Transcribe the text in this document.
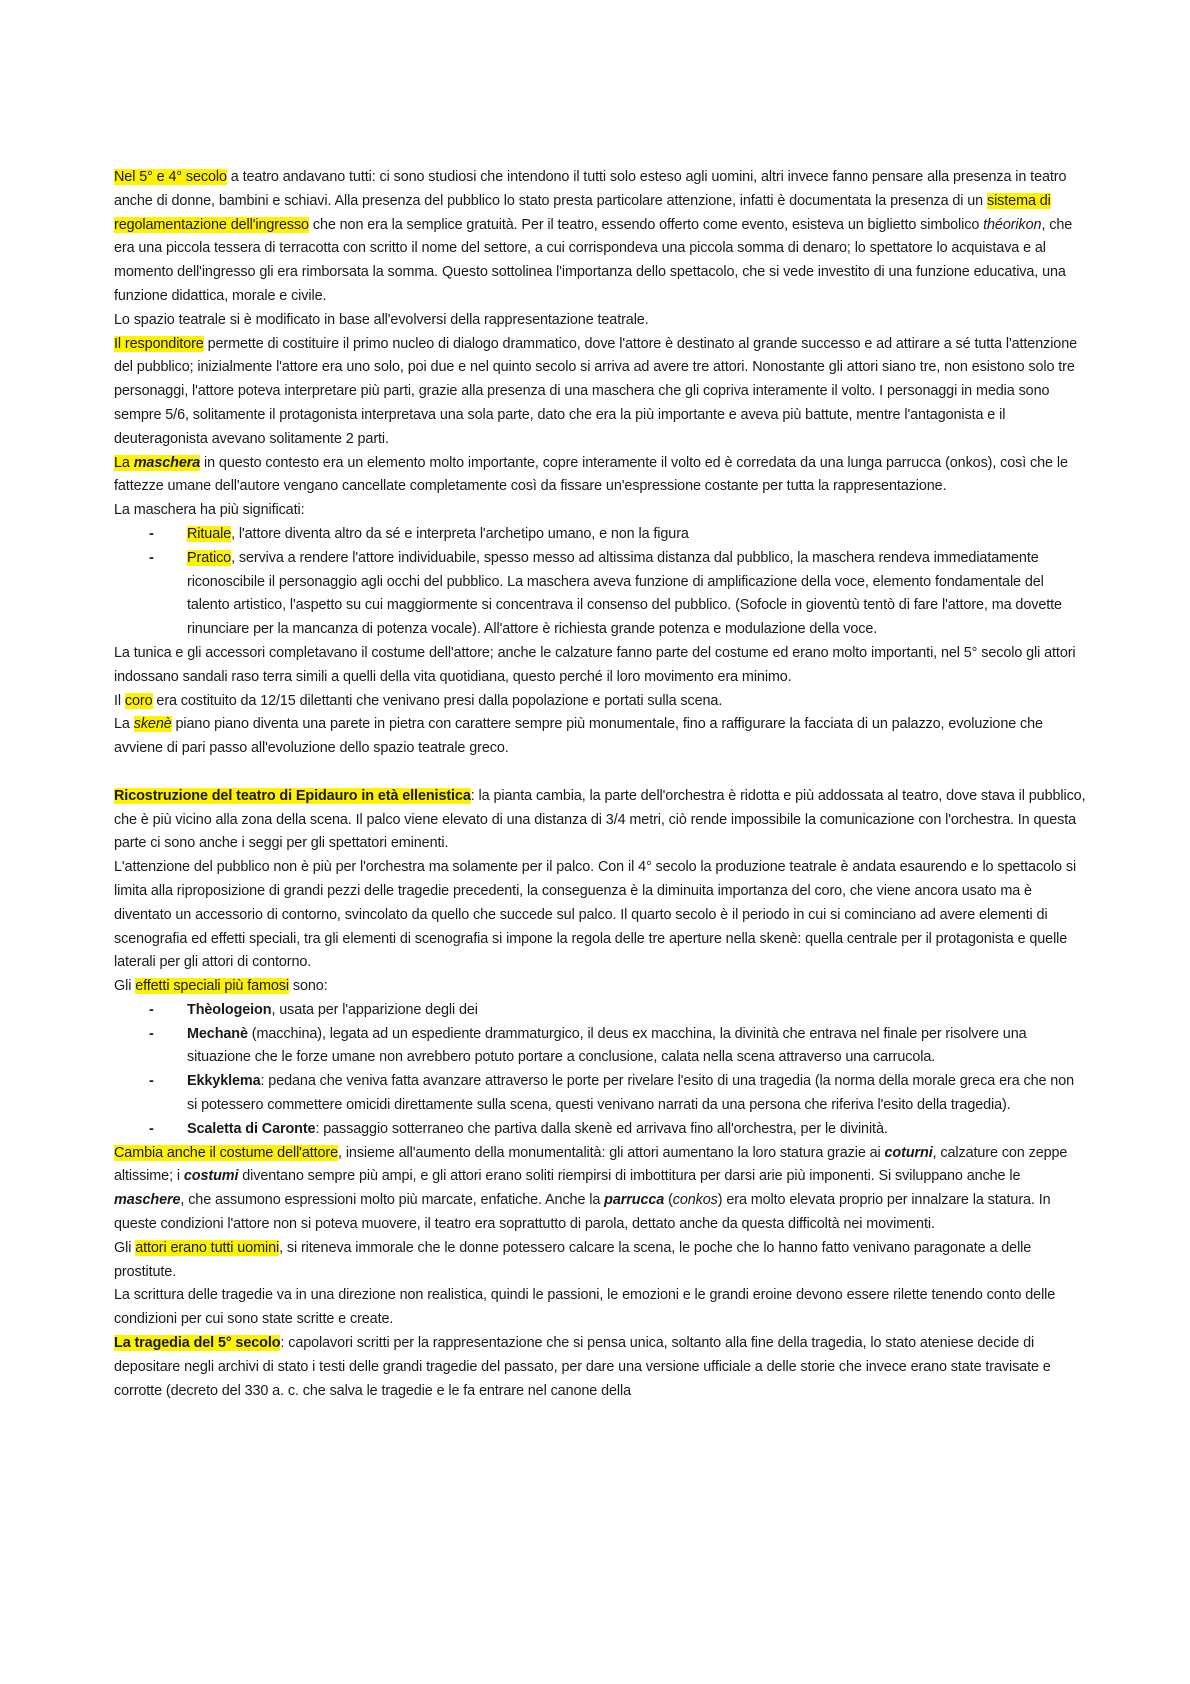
Nel 5° e 4° secolo a teatro andavano tutti: ci sono studiosi che intendono il tutti solo esteso agli uomini, altri invece fanno pensare alla presenza in teatro anche di donne, bambini e schiavi. Alla presenza del pubblico lo stato presta particolare attenzione, infatti è documentata la presenza di un sistema di regolamentazione dell'ingresso che non era la semplice gratuità. Per il teatro, essendo offerto come evento, esisteva un biglietto simbolico théorikon, che era una piccola tessera di terracotta con scritto il nome del settore, a cui corrispondeva una piccola somma di denaro; lo spettatore lo acquistava e al momento dell'ingresso gli era rimborsata la somma. Questo sottolinea l'importanza dello spettacolo, che si vede investito di una funzione educativa, una funzione didattica, morale e civile.

Lo spazio teatrale si è modificato in base all'evolversi della rappresentazione teatrale.

Il responditore permette di costituire il primo nucleo di dialogo drammatico, dove l'attore è destinato al grande successo e ad attirare a sé tutta l'attenzione del pubblico; inizialmente l'attore era uno solo, poi due e nel quinto secolo si arriva ad avere tre attori. Nonostante gli attori siano tre, non esistono solo tre personaggi, l'attore poteva interpretare più parti, grazie alla presenza di una maschera che gli copriva interamente il volto. I personaggi in media sono sempre 5/6, solitamente il protagonista interpretava una sola parte, dato che era la più importante e aveva più battute, mentre l'antagonista e il deuteragonista avevano solitamente 2 parti.

La maschera in questo contesto era un elemento molto importante, copre interamente il volto ed è corredata da una lunga parrucca (onkos), così che le fattezze umane dell'autore vengano cancellate completamente così da fissare un'espressione costante per tutta la rappresentazione.

La maschera ha più significati:

- Rituale, l'attore diventa altro da sé e interpreta l'archetipo umano, e non la figura
- Pratico, serviva a rendere l'attore individuabile, spesso messo ad altissima distanza dal pubblico, la maschera rendeva immediatamente riconoscibile il personaggio agli occhi del pubblico. La maschera aveva funzione di amplificazione della voce, elemento fondamentale del talento artistico, l'aspetto su cui maggiormente si concentrava il consenso del pubblico. (Sofocle in gioventù tentò di fare l'attore, ma dovette rinunciare per la mancanza di potenza vocale). All'attore è richiesta grande potenza e modulazione della voce.

La tunica e gli accessori completavano il costume dell'attore; anche le calzature fanno parte del costume ed erano molto importanti, nel 5° secolo gli attori indossano sandali raso terra simili a quelli della vita quotidiana, questo perché il loro movimento era minimo.

Il coro era costituito da 12/15 dilettanti che venivano presi dalla popolazione e portati sulla scena.

La skenè piano piano diventa una parete in pietra con carattere sempre più monumentale, fino a raffigurare la facciata di un palazzo, evoluzione che avviene di pari passo all'evoluzione dello spazio teatrale greco.

Ricostruzione del teatro di Epidauro in età ellenistica: la pianta cambia, la parte dell'orchestra è ridotta e più addossata al teatro, dove stava il pubblico, che è più vicino alla zona della scena. Il palco viene elevato di una distanza di 3/4 metri, ciò rende impossibile la comunicazione con l'orchestra. In questa parte ci sono anche i seggi per gli spettatori eminenti.

L'attenzione del pubblico non è più per l'orchestra ma solamente per il palco. Con il 4° secolo la produzione teatrale è andata esaurendo e lo spettacolo si limita alla riproposizione di grandi pezzi delle tragedie precedenti, la conseguenza è la diminuita importanza del coro, che viene ancora usato ma è diventato un accessorio di contorno, svincolato da quello che succede sul palco. Il quarto secolo è il periodo in cui si cominciano ad avere elementi di scenografia ed effetti speciali, tra gli elementi di scenografia si impone la regola delle tre aperture nella skenè: quella centrale per il protagonista e quelle laterali per gli attori di contorno.

Gli effetti speciali più famosi sono:

- Thèologeion, usata per l'apparizione degli dei
- Mechanè (macchina), legata ad un espediente drammaturgico, il deus ex macchina, la divinità che entrava nel finale per risolvere una situazione che le forze umane non avrebbero potuto portare a conclusione, calata nella scena attraverso una carrucola.
- Ekkyklema: pedana che veniva fatta avanzare attraverso le porte per rivelare l'esito di una tragedia (la norma della morale greca era che non si potessero commettere omicidi direttamente sulla scena, questi venivano narrati da una persona che riferiva l'esito della tragedia).
- Scaletta di Caronte: passaggio sotterraneo che partiva dalla skenè ed arrivava fino all'orchestra, per le divinità.

Cambia anche il costume dell'attore, insieme all'aumento della monumentalità: gli attori aumentano la loro statura grazie ai coturni, calzature con zeppe altissime; i costumi diventano sempre più ampi, e gli attori erano soliti riempirsi di imbottitura per darsi arie più imponenti. Si sviluppano anche le maschere, che assumono espressioni molto più marcate, enfatiche. Anche la parrucca (conkos) era molto elevata proprio per innalzare la statura. In queste condizioni l'attore non si poteva muovere, il teatro era soprattutto di parola, dettato anche da questa difficoltà nei movimenti.

Gli attori erano tutti uomini, si riteneva immorale che le donne potessero calcare la scena, le poche che lo hanno fatto venivano paragonate a delle prostitute.

La scrittura delle tragedie va in una direzione non realistica, quindi le passioni, le emozioni e le grandi eroine devono essere rilette tenendo conto delle condizioni per cui sono state scritte e create.

La tragedia del 5° secolo: capolavori scritti per la rappresentazione che si pensa unica, soltanto alla fine della tragedia, lo stato ateniese decide di depositare negli archivi di stato i testi delle grandi tragedie del passato, per dare una versione ufficiale a delle storie che invece erano state travisate e corrotte (decreto del 330 a. c. che salva le tragedie e le fa entrare nel canone della
